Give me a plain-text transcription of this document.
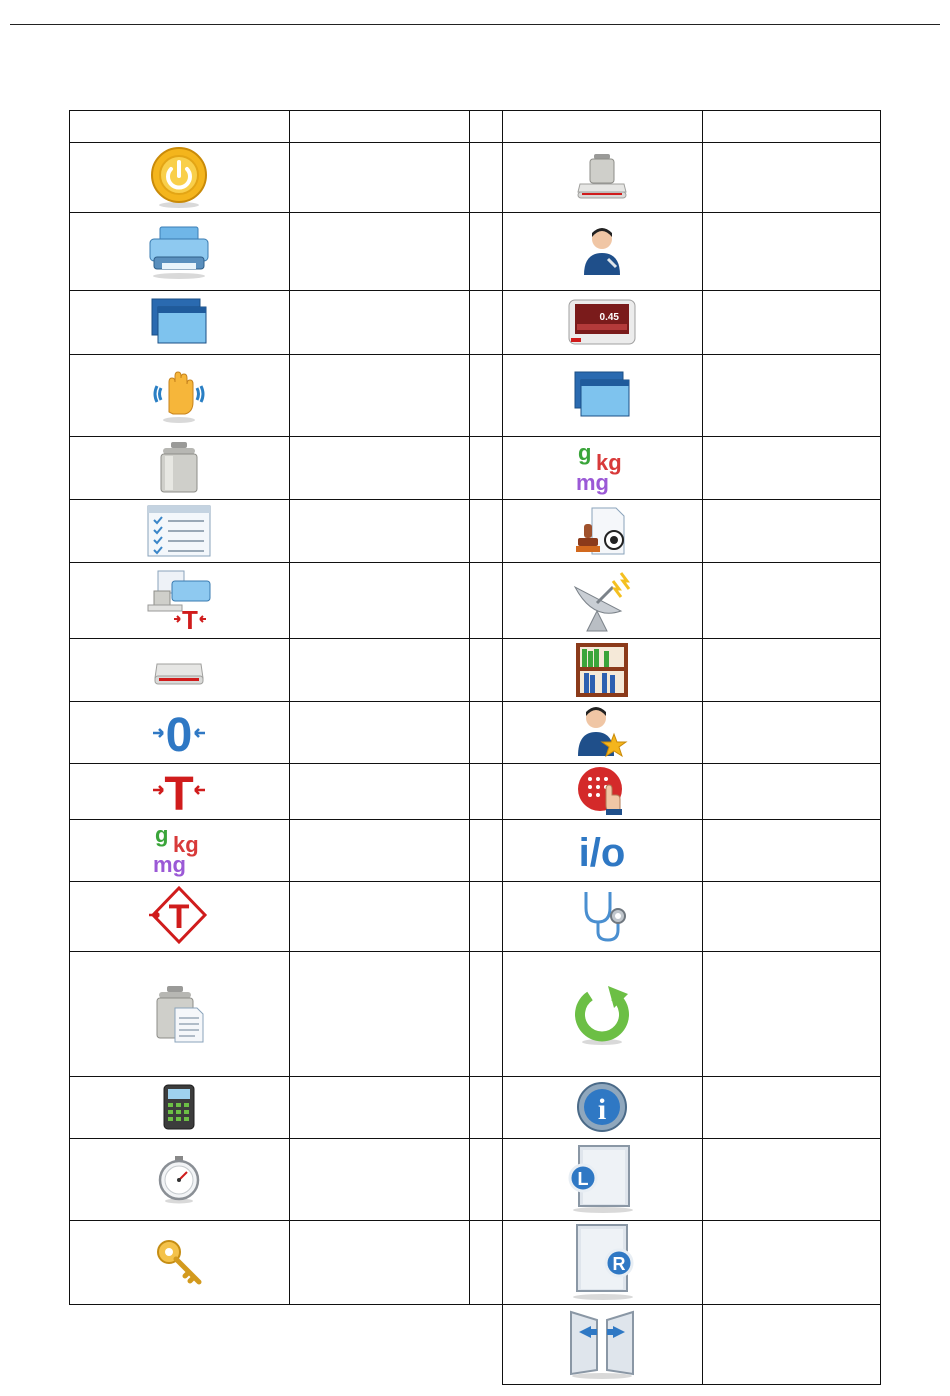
T
0
T
g kg
mg
T
0.45
g kg
mg
i/o
i
L
R
